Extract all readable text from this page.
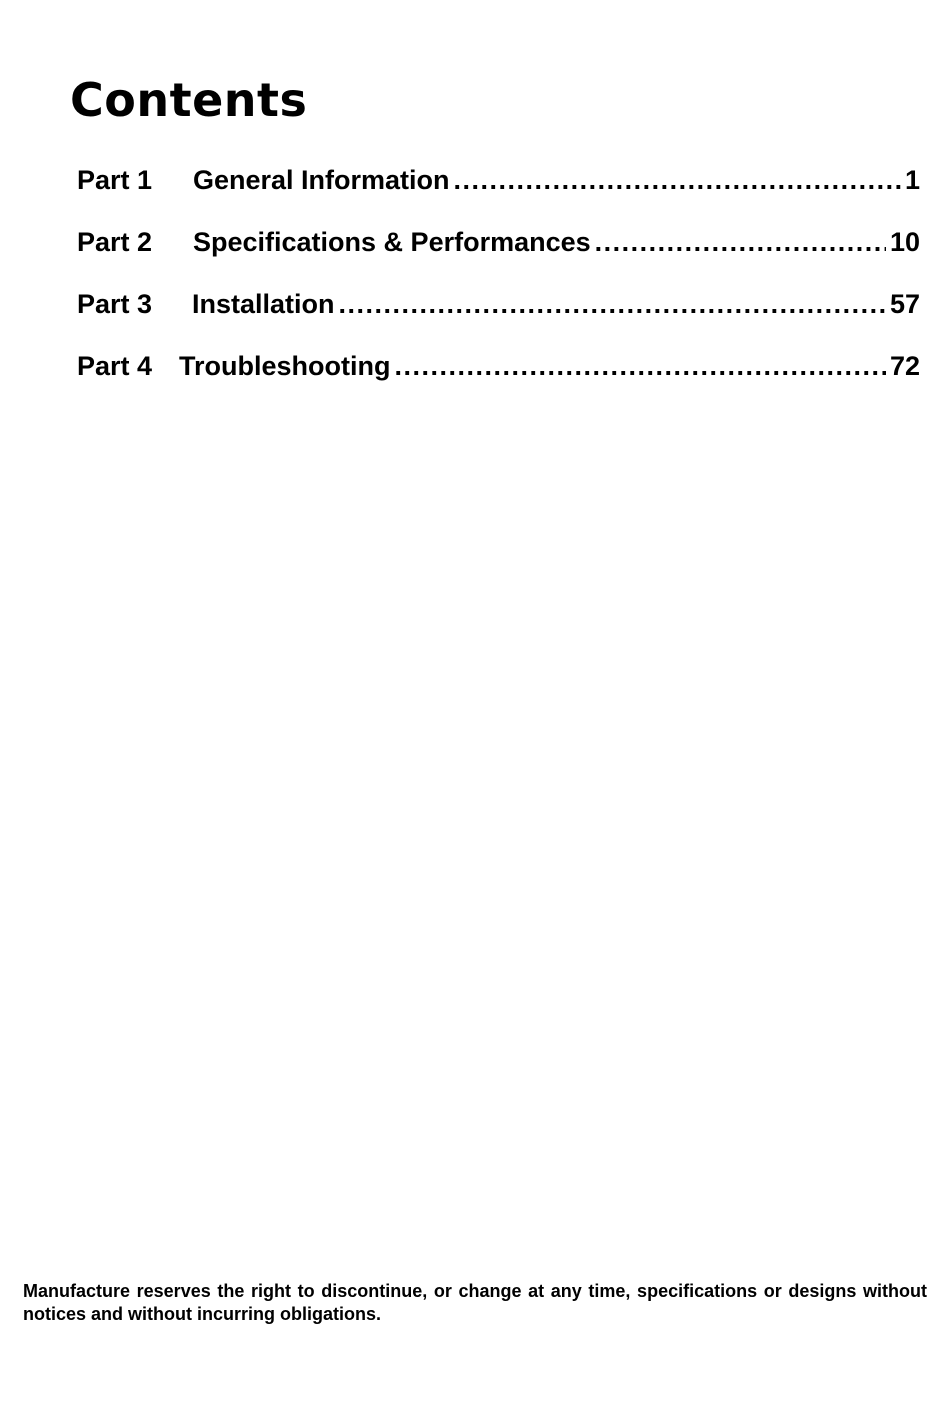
Contents
Part 1	General Information .....	1
Part 2	Specifications & Performances .....	10
Part 3	Installation .....	57
Part 4 Troubleshooting .....	72

Manufacture reserves the right to discontinue, or change at any time, specifications or designs without notices and without incurring obligations.
